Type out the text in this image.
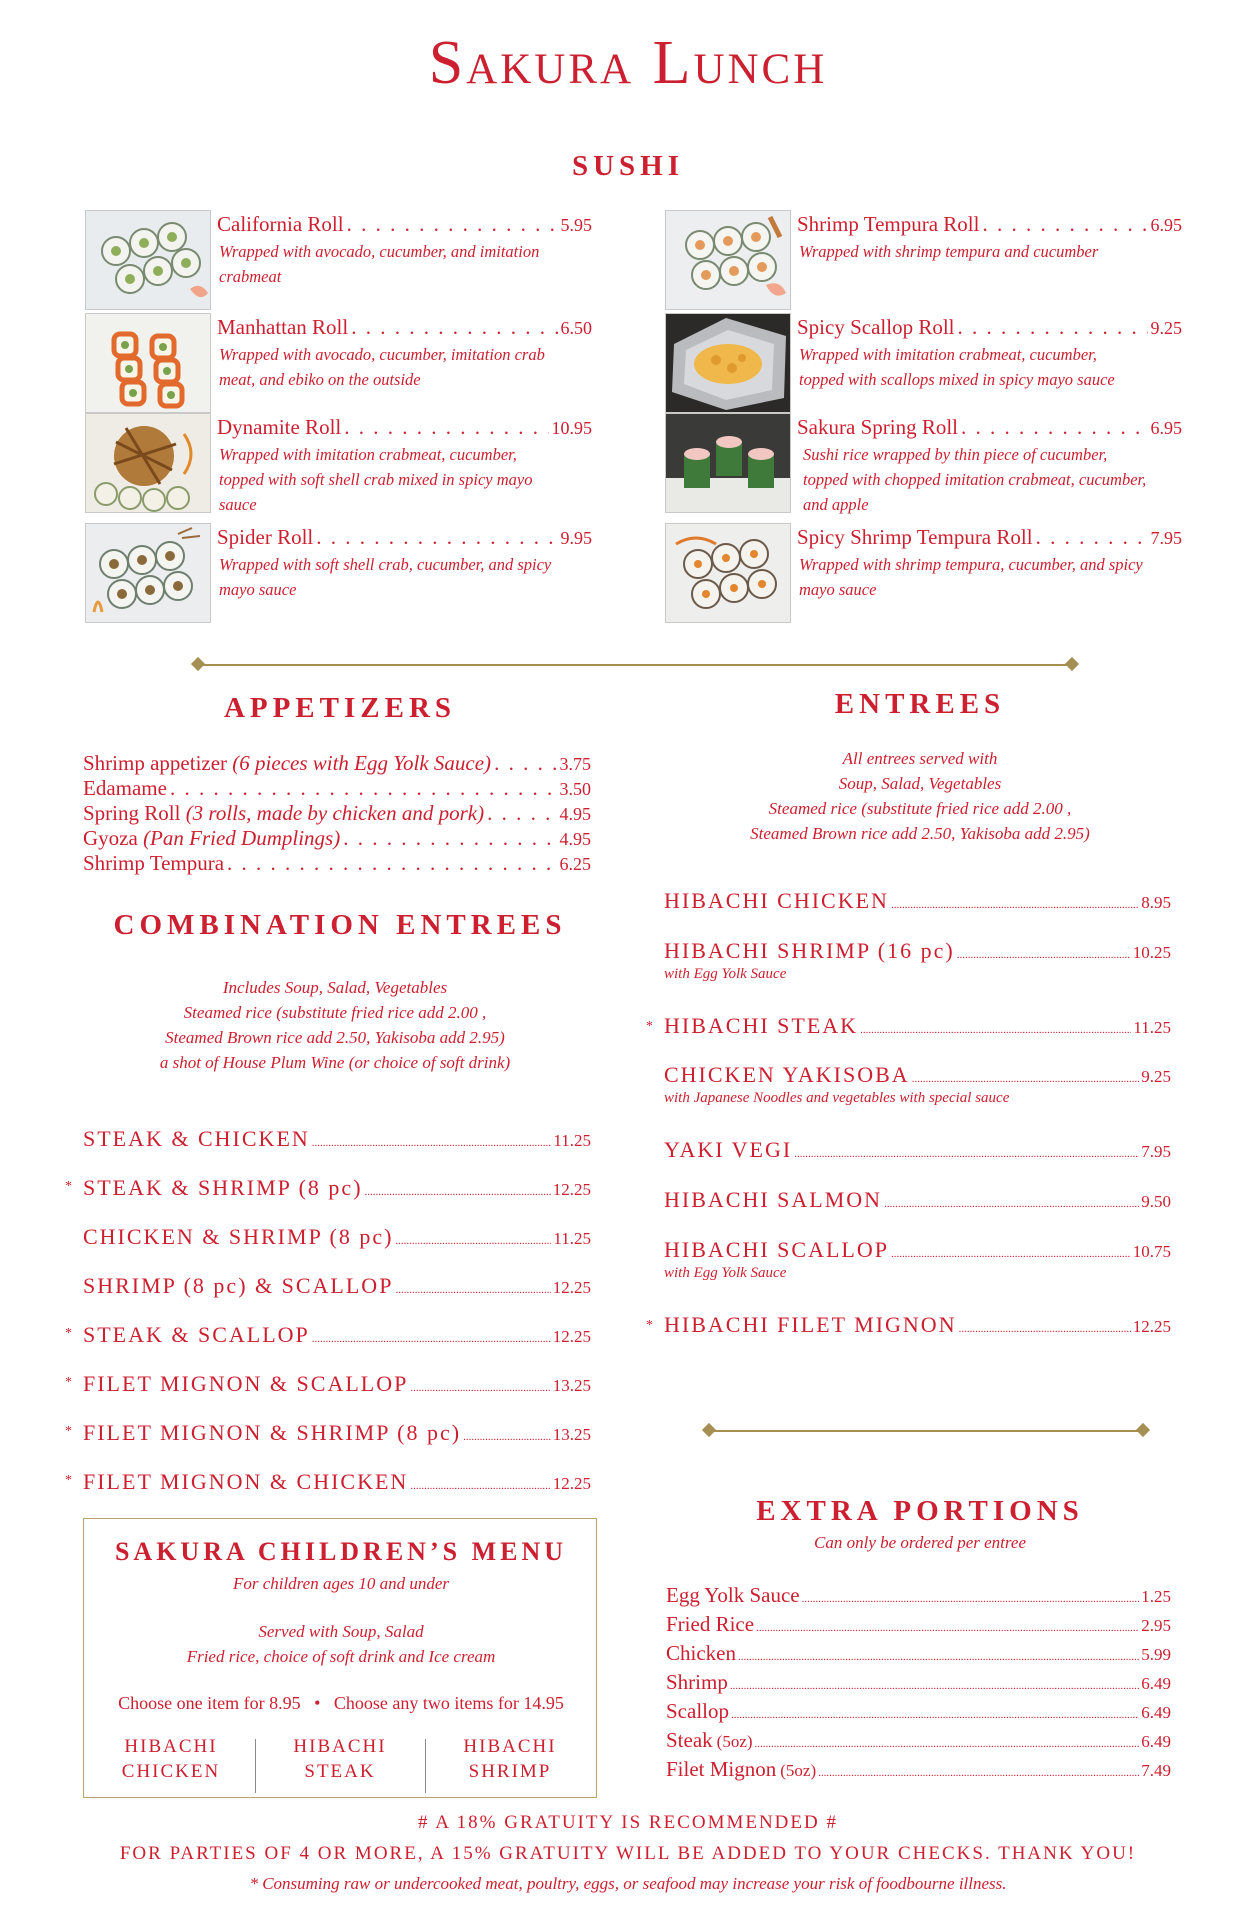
Sakura Lunch
SUSHI
California Roll . . .	5.95
Wrapped with avocado, cucumber, and imitation
crabmeat
Manhattan Roll . . .	6.50
Wrapped with avocado, cucumber, imitation crab
meat, and ebiko on the outside
Dynamite Roll . . .	10.95
Wrapped with imitation crabmeat, cucumber,
topped with soft shell crab mixed in spicy mayo
sauce
Spider Roll . . .	9.95
Wrapped with soft shell crab, cucumber, and spicy
mayo sauce
Shrimp Tempura Roll . . .	6.95
Wrapped with shrimp tempura and cucumber
Spicy Scallop Roll . . .	9.25
Wrapped with imitation crabmeat, cucumber,
topped with scallops mixed in spicy mayo sauce
Sakura Spring Roll . . .	6.95
Sushi rice wrapped by thin piece of cucumber,
topped with chopped imitation crabmeat, cucumber,
and apple
Spicy Shrimp Tempura Roll . . .	7.95
Wrapped with shrimp tempura, cucumber, and spicy
mayo sauce
APPETIZERS
Shrimp appetizer
(6 pieces with Egg Yolk Sauce) . . .	3.75
Edamame . . .	3.50
Spring Roll
(3 rolls, made by chicken and pork) . . .	4.95
Gyoza
(Pan Fried Dumplings) . . .	4.95
Shrimp Tempura . . .	6.25
COMBINATION ENTREES
Includes Soup, Salad, Vegetables
Steamed rice (substitute fried rice add 2.00 ,
Steamed Brown rice add 2.50, Yakisoba add 2.95)
a shot of House Plum Wine (or choice of soft drink)
STEAK & CHICKEN .....	11.25
* STEAK & SHRIMP (8 pc) .....	12.25
CHICKEN & SHRIMP (8 pc) .....	11.25
SHRIMP (8 pc) & SCALLOP .....	12.25
* STEAK & SCALLOP .....	12.25
* FILET MIGNON & SCALLOP .....	13.25
* FILET MIGNON & SHRIMP (8 pc) .....	13.25
* FILET MIGNON & CHICKEN .....	12.25
SAKURA CHILDREN’S MENU
For children ages 10 and under
Served with Soup, Salad
Fried rice, choice of soft drink and Ice cream
Choose one item for 8.95 • Choose any two items for 14.95
HIBACHI
CHICKEN
HIBACHI
STEAK
HIBACHI
SHRIMP
ENTREES
All entrees served with
Soup, Salad, Vegetables
Steamed rice (substitute fried rice add 2.00 ,
Steamed Brown rice add 2.50, Yakisoba add 2.95)
HIBACHI CHICKEN .....	8.95
HIBACHI SHRIMP (16 pc) .....	10.25
with Egg Yolk Sauce
* HIBACHI STEAK .....	11.25
CHICKEN YAKISOBA .....	9.25
with Japanese Noodles and vegetables with special sauce
YAKI VEGI .....	7.95
HIBACHI SALMON .....	9.50
HIBACHI SCALLOP .....	10.75
with Egg Yolk Sauce
* HIBACHI FILET MIGNON .....	12.25
EXTRA PORTIONS
Can only be ordered per entree
Egg Yolk Sauce .....	1.25
Fried Rice .....	2.95
Chicken .....	5.99
Shrimp .....	6.49
Scallop .....	6.49
Steak
(5oz) .....	6.49
Filet Mignon
(5oz) .....	7.49
# A 18% GRATUITY IS RECOMMENDED #
FOR PARTIES OF 4 OR MORE, A 15% GRATUITY WILL BE ADDED TO YOUR CHECKS. THANK YOU!
* Consuming raw or undercooked meat, poultry, eggs, or seafood may increase your risk of foodbourne illness.
